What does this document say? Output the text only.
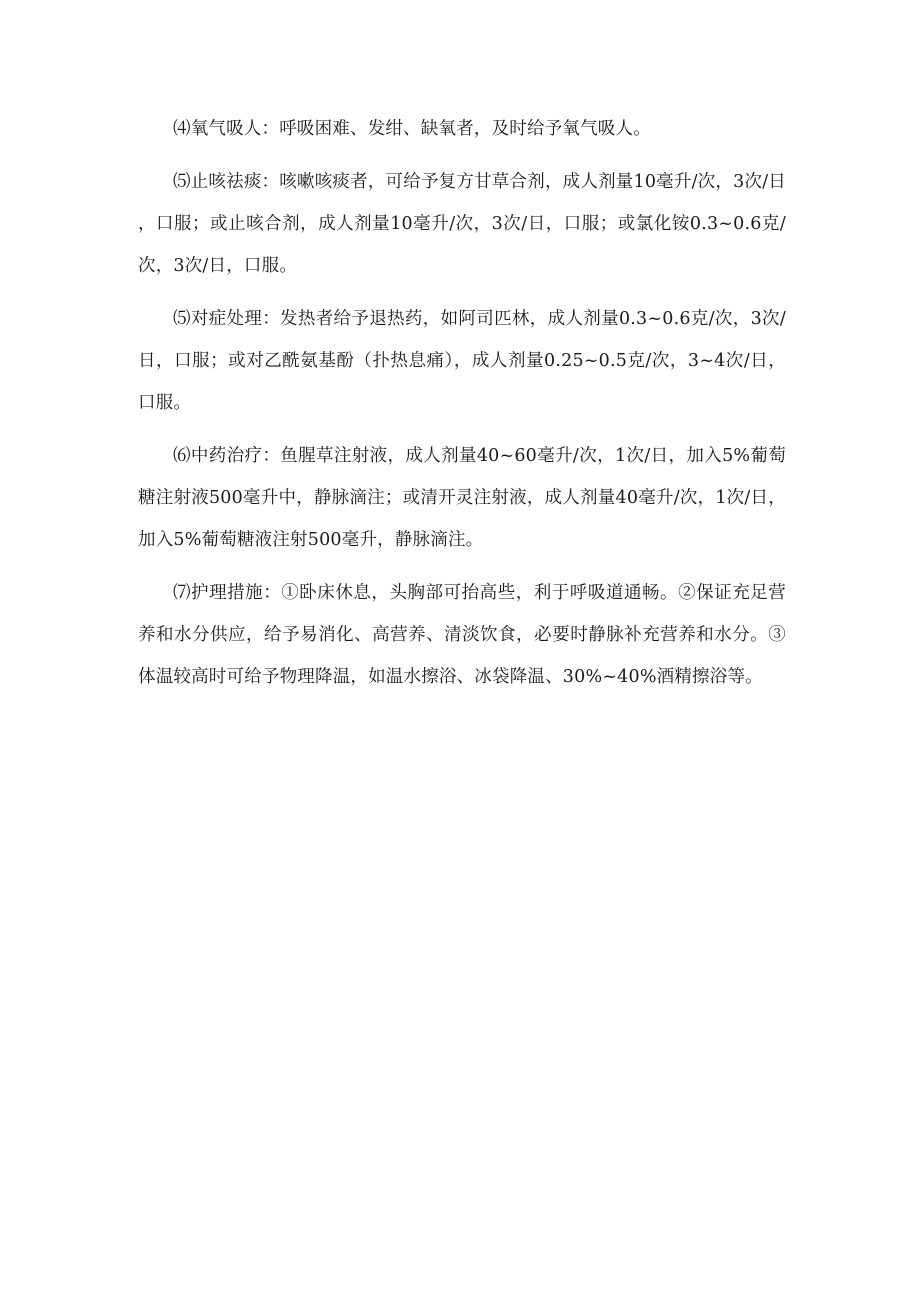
⑷氧气吸人：呼吸困难、发绀、缺氧者，及时给予氧气吸人。

⑸止咳祛痰：咳嗽咳痰者，可给予复方甘草合剂，成人剂量10毫升/次，3次/日，口服；或止咳合剂，成人剂量10毫升/次，3次/日，口服；或氯化铵0.3~0.6克/次，3次/日，口服。

⑸对症处理：发热者给予退热药，如阿司匹林，成人剂量0.3~0.6克/次，3次/日，口服；或对乙酰氨基酚（扑热息痛），成人剂量0.25~0.5克/次，3~4次/日，口服。

⑹中药治疗：鱼腥草注射液，成人剂量40~60毫升/次，1次/日，加入5%葡萄糖注射液500毫升中，静脉滴注；或清开灵注射液，成人剂量40毫升/次，1次/日，加入5%葡萄糖液注射500毫升，静脉滴注。

⑺护理措施：①卧床休息，头胸部可抬高些，利于呼吸道通畅。②保证充足营养和水分供应，给予易消化、高营养、清淡饮食，必要时静脉补充营养和水分。③体温较高时可给予物理降温，如温水擦浴、冰袋降温、30%~40%酒精擦浴等。
